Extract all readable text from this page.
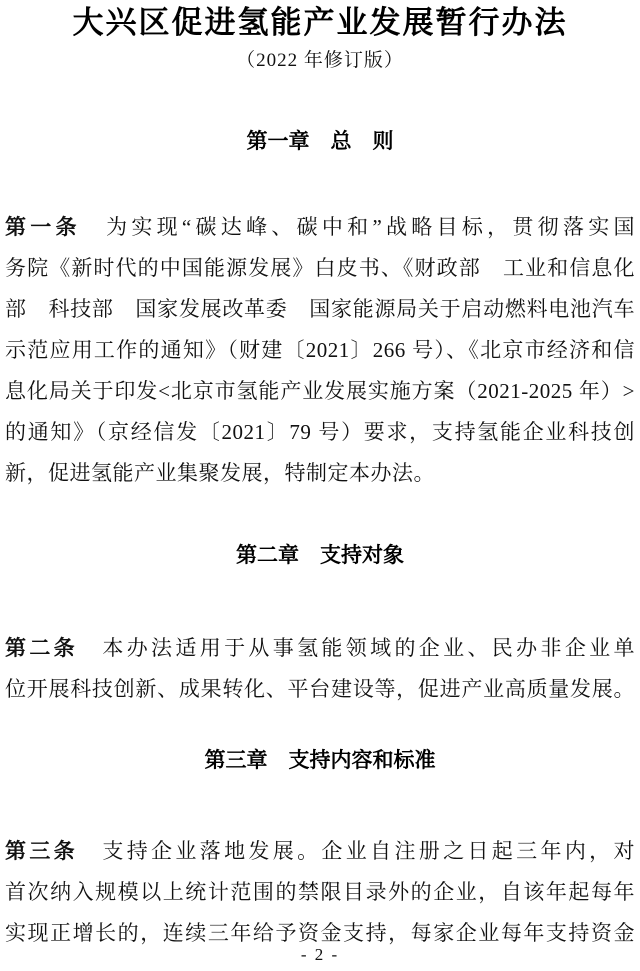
大兴区促进氢能产业发展暂行办法
（2022 年修订版）
第一章　总　则
第一条　为实现“碳达峰、碳中和”战略目标，贯彻落实国
务院《新时代的中国能源发展》白皮书、《财政部　工业和信息化
部　科技部　国家发展改革委　国家能源局关于启动燃料电池汽车
示范应用工作的通知》（财建〔2021〕266 号）、《北京市经济和信
息化局关于印发<北京市氢能产业发展实施方案（2021-2025 年）>
的通知》（京经信发〔2021〕79 号）要求，支持氢能企业科技创
新，促进氢能产业集聚发展，特制定本办法。
第二章　支持对象
第二条　本办法适用于从事氢能领域的企业、民办非企业单
位开展科技创新、成果转化、平台建设等，促进产业高质量发展。
第三章　支持内容和标准
第三条　支持企业落地发展。企业自注册之日起三年内，对
首次纳入规模以上统计范围的禁限目录外的企业，自该年起每年
实现正增长的，连续三年给予资金支持，每家企业每年支持资金
- 2 -
